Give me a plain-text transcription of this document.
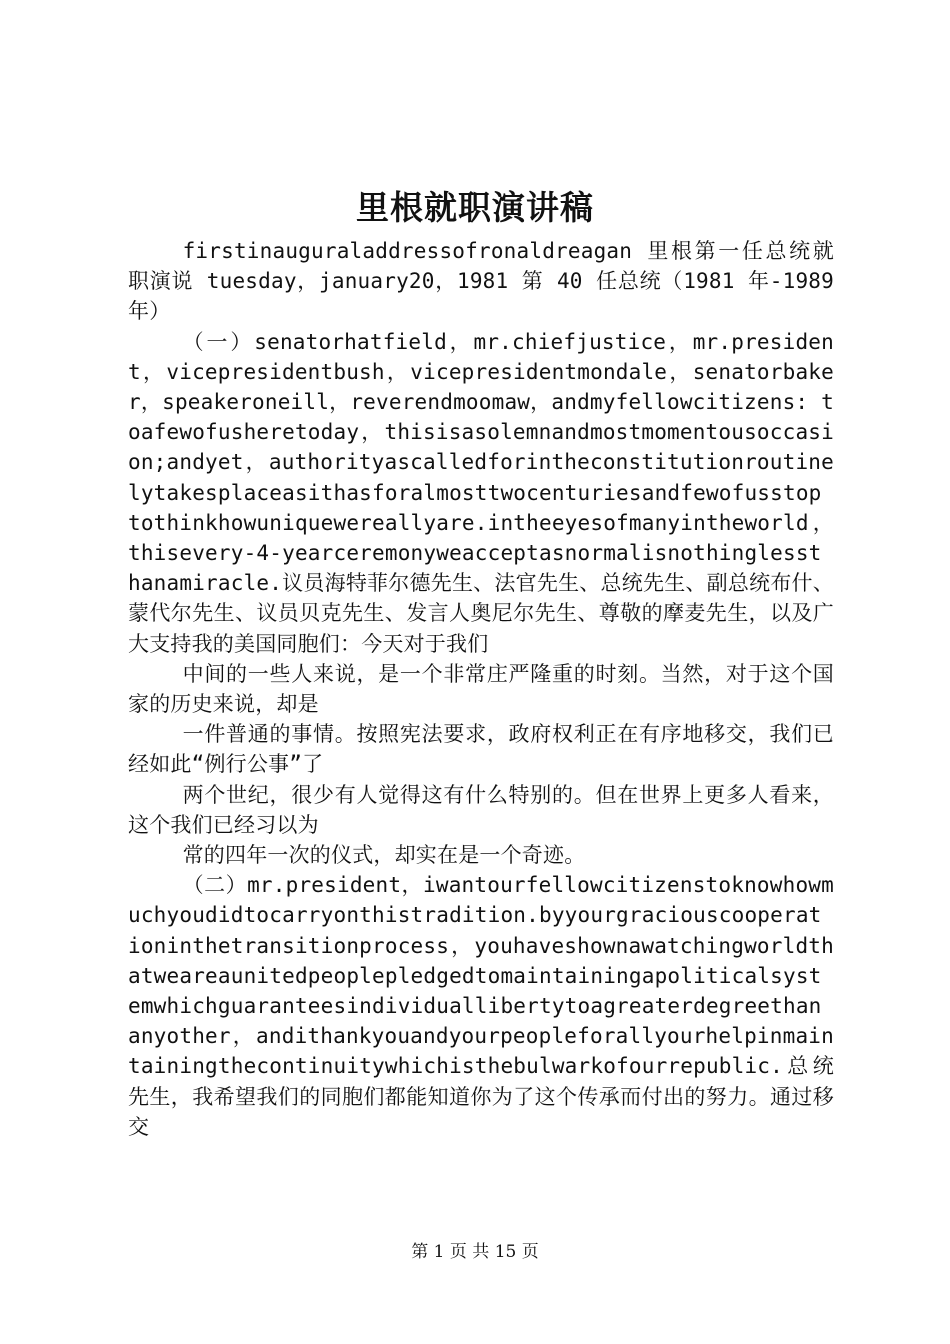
里根就职演讲稿

firstinauguraladdressofronaldreagan 里根第一任总统就职演说 tuesday，january20，1981 第 40 任总统（1981 年-1989 年）

（一）senatorhatfield，mr.chiefjustice，mr.president，vicepresidentbush，vicepresidentmondale，senatorbaker，speakeroneill，reverendmoomaw，andmyfellowcitizens: toafewofusheretoday，thisisasolemnandmostmomentousoccasion;andyet，authorityascalledforintheconstitutionroutinelytakesplaceasithasforalmosttwocenturiesandfewofusstoptothinkhowuniquewereallyare.intheeyesofmanyintheworld，thisevery-4-yearceremonyweacceptasnormalisnothinglessthanamiracle.议员海特菲尔德先生、法官先生、总统先生、副总统布什、蒙代尔先生、议员贝克先生、发言人奥尼尔先生、尊敬的摩麦先生，以及广大支持我的美国同胞们：今天对于我们

中间的一些人来说，是一个非常庄严隆重的时刻。当然，对于这个国家的历史来说，却是

一件普通的事情。按照宪法要求，政府权利正在有序地移交，我们已经如此“例行公事”了

两个世纪，很少有人觉得这有什么特别的。但在世界上更多人看来，这个我们已经习以为

常的四年一次的仪式，却实在是一个奇迹。

（二）mr.president，iwantourfellowcitizenstoknowhowmuchyoudidtocarryonthistradition.byyourgraciouscooperationinthetransitionprocess，youhaveshownawatchingworldthatweareaunitedpeoplepledgedtomaintainingapoliticalsystemwhichguaranteesindividuallibertytoagreaterdegreethananyother，andithankyouandyourpeopleforallyourhelpinmaintainingthecontinuitywhichisthebulwarkofourrepublic.总统先生，我希望我们的同胞们都能知道你为了这个传承而付出的努力。通过移交

第 1 页 共 15 页
